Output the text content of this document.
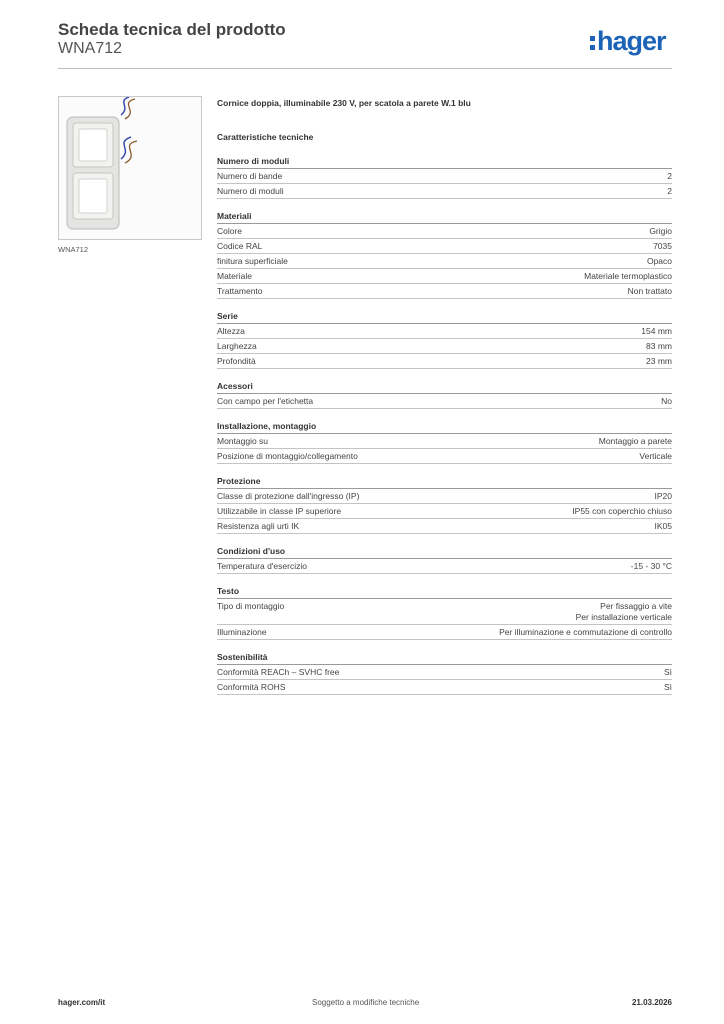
Scheda tecnica del prodotto
WNA712	hager
WNA712
Cornice doppia, illuminabile 230 V, per scatola a parete W.1 blu
Caratteristiche tecniche
Numero di moduli
Numero di bande	2
Numero di moduli	2
Materiali
Colore	Grigio
Codice RAL	7035
finitura superficiale	Opaco
Materiale	Materiale termoplastico
Trattamento	Non trattato
Serie
Altezza	154 mm
Larghezza	83 mm
Profondità	23 mm
Acessori
Con campo per l'etichetta	No
Installazione, montaggio
Montaggio su	Montaggio a parete
Posizione di montaggio/collegamento	Verticale
Protezione
Classe di protezione dall'ingresso (IP)	IP20
Utilizzabile in classe IP superiore	IP55 con coperchio chiuso
Resistenza agli urti IK	IK05
Condizioni d'uso
Temperatura d'esercizio	-15 - 30 °C
Testo
Tipo di montaggio	Per fissaggio a vite
Per installazione verticale
Illuminazione	Per illuminazione e commutazione di controllo
Sostenibilità
Conformità REACh – SVHC free	Sì
Conformità ROHS	Sì
hager.com/it	Soggetto a modifiche tecniche	21.03.2026
